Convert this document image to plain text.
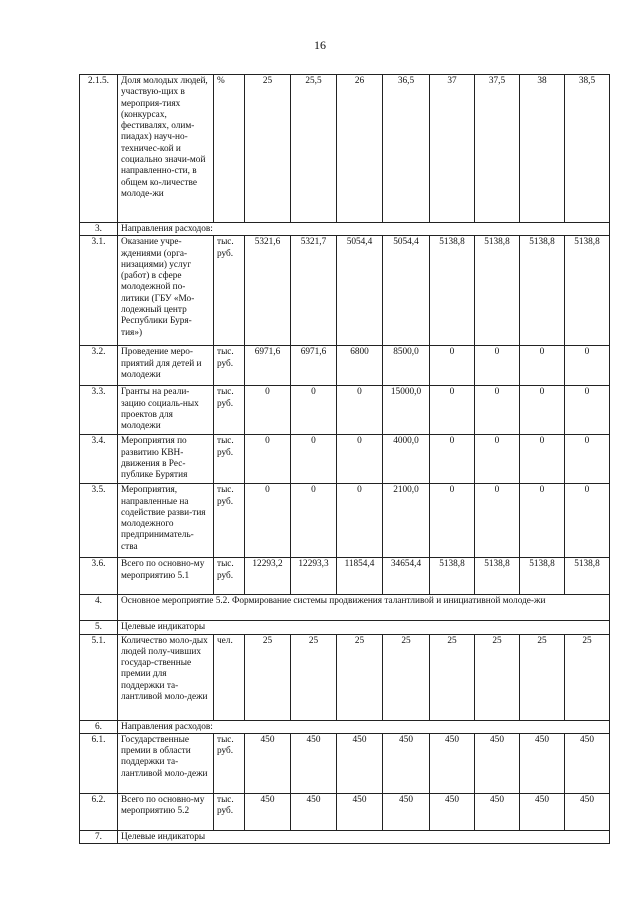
16
2.1.5.	Доля молодых людей, участвую-щих в мероприя-тиях (конкурсах, фестивалях, олим-пиадах) науч-но-техничес-кой и социально значи-мой направленно-сти, в общем ко-личестве молоде-жи	%	25	25,5	26	36,5	37	37,5	38	38,5
3.	Направления расходов:									
3.1.	Оказание учре-ждениями (орга-низациями) услуг (работ) в сфере молодежной по-литики (ГБУ «Мо-лодежный центр Республики Буря-тия»)	тыс. руб.	5321,6	5321,7	5054,4	5054,4	5138,8	5138,8	5138,8	5138,8
3.2.	Проведение меро-приятий для детей и молодежи	тыс. руб.	6971,6	6971,6	6800	8500,0	0	0	0	0
3.3.	Гранты на реали-зацию социаль-ных проектов для молодежи	тыс. руб.	0	0	0	15000,0	0	0	0	0
3.4.	Мероприятия по развитию КВН-движения в Рес-публике Бурятия	тыс. руб.	0	0	0	4000,0	0	0	0	0
3.5.	Мероприятия, направленные на содействие разви-тия молодежного предприниматель-ства	тыс. руб.	0	0	0	2100,0	0	0	0	0
3.6.	Всего по основно-му мероприятию 5.1	тыс. руб.	12293,2	12293,3	11854,4	34654,4	5138,8	5138,8	5138,8	5138,8
4.	Основное мероприятие 5.2. Формирование системы продвижения талантливой и инициативной молоде-жи									
5.	Целевые индикаторы									
5.1.	Количество моло-дых людей полу-чивших государ-ственные премии для поддержки та-лантливой моло-дежи	чел.	25	25	25	25	25	25	25	25
6.	Направления расходов:									
6.1.	Государственные премии в области поддержки та-лантливой моло-дежи	тыс. руб.	450	450	450	450	450	450	450	450
6.2.	Всего по основно-му мероприятию 5.2	тыс. руб.	450	450	450	450	450	450	450	450
7.	Целевые индикаторы									
